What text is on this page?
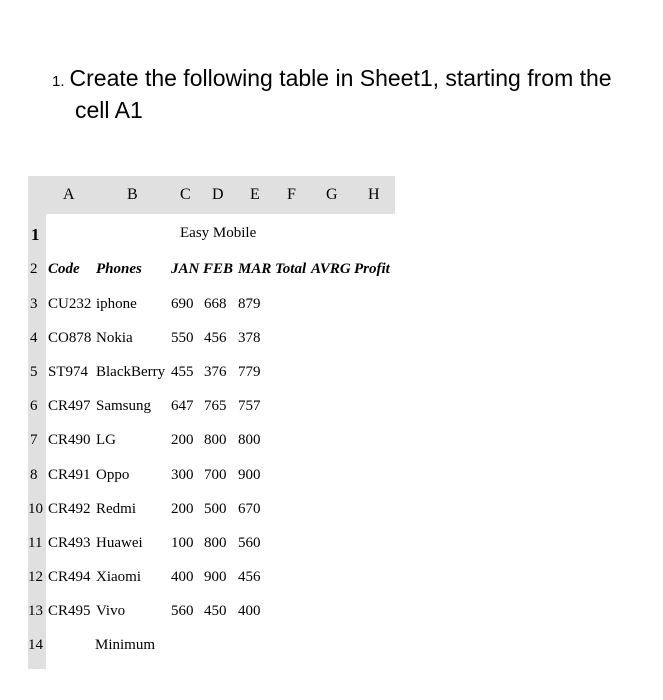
1. Create the following table in Sheet1, starting from the
cell A1
A	B	C D E F G H
1	Easy Mobile
2 Code Phones JAN FEB MAR Total AVRG Profit
3 CU232 iphone 690 668 879
4 CO878 Nokia	550 456 378
5 ST974 BlackBerry 455 376 779
6 CR497 Samsung 647 765 757
7 CR490 LG	200 800 800
8 CR491 Oppo	300 700 900
10 CR492 Redmi 200 500 670
11 CR493 Huawei 100 800 560
12 CR494 Xiaomi 400 900 456
13 CR495 Vivo	560 450 400
14	Minimum
